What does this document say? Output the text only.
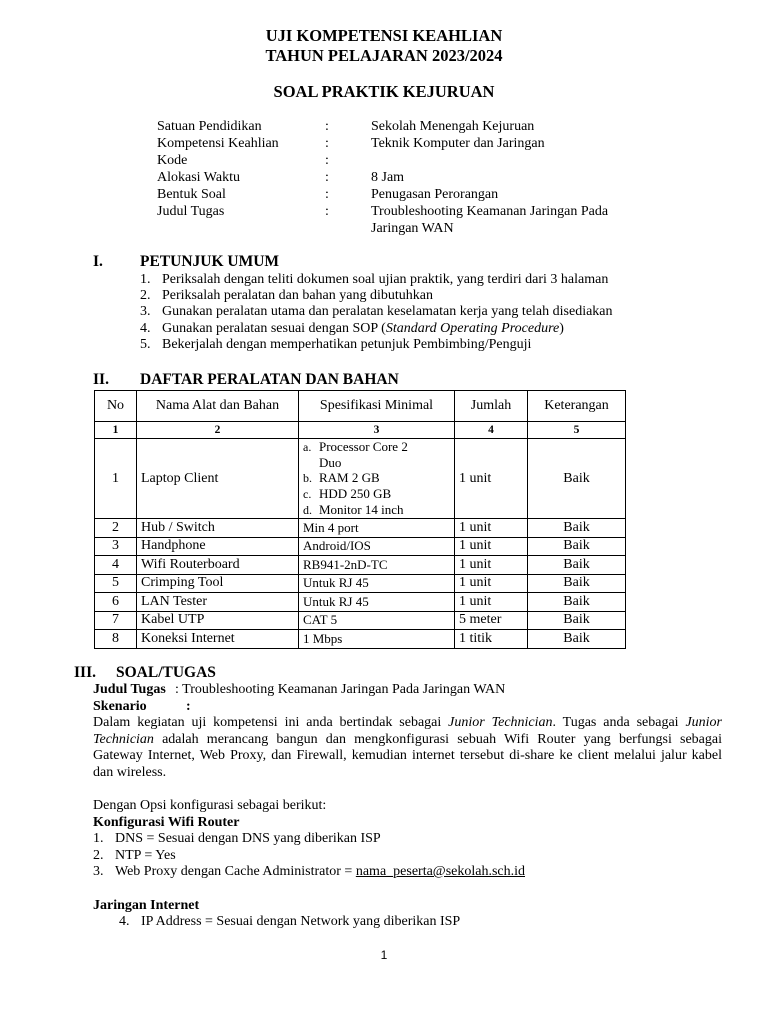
UJI KOMPETENSI KEAHLIAN
TAHUN PELAJARAN 2023/2024
SOAL PRAKTIK KEJURUAN
Satuan Pendidikan	:	Sekolah Menengah Kejuruan
Kompetensi Keahlian	:	Teknik Komputer dan Jaringan
Kode	:
Alokasi Waktu	:	8 Jam
Bentuk Soal	:	Penugasan Perorangan
Judul Tugas	:	Troubleshooting Keamanan Jaringan Pada
Jaringan WAN
I. PETUNJUK UMUM
1. Periksalah dengan teliti dokumen soal ujian praktik, yang terdiri dari 3 halaman
2. Periksalah peralatan dan bahan yang dibutuhkan
3. Gunakan peralatan utama dan peralatan keselamatan kerja yang telah disediakan
4. Gunakan peralatan sesuai dengan SOP (Standard Operating Procedure)
5. Bekerjalah dengan memperhatikan petunjuk Pembimbing/Penguji
II. DAFTAR PERALATAN DAN BAHAN
No	Nama Alat dan Bahan	Spesifikasi Minimal	Jumlah	Keterangan
1	2	3	4	5
1	Laptop Client	a. Processor Core 2
Duo
b. RAM 2 GB
c. HDD 250 GB
d. Monitor 14 inch	1 unit	Baik
2	Hub / Switch	Min 4 port	1 unit	Baik
3	Handphone	Android/IOS	1 unit	Baik
4	Wifi Routerboard	RB941-2nD-TC	1 unit	Baik
5	Crimping Tool	Untuk RJ 45	1 unit	Baik
6	LAN Tester	Untuk RJ 45	1 unit	Baik
7	Kabel UTP	CAT 5	5 meter	Baik
8	Koneksi Internet	1 Mbps	1 titik	Baik
III. SOAL/TUGAS
Judul Tugas : Troubleshooting Keamanan Jaringan Pada Jaringan WAN
Skenario	:
Dalam kegiatan uji kompetensi ini anda bertindak sebagai Junior Technician. Tugas anda sebagai Junior Technician adalah merancang bangun dan mengkonfigurasi sebuah Wifi Router yang berfungsi sebagai Gateway Internet, Web Proxy, dan Firewall, kemudian internet tersebut di-share ke client melalui jalur kabel dan wireless.
Dengan Opsi konfigurasi sebagai berikut:
Konfigurasi Wifi Router
1. DNS = Sesuai dengan DNS yang diberikan ISP
2. NTP = Yes
3. Web Proxy dengan Cache Administrator = nama_peserta@sekolah.sch.id
Jaringan Internet
4. IP Address = Sesuai dengan Network yang diberikan ISP
1
